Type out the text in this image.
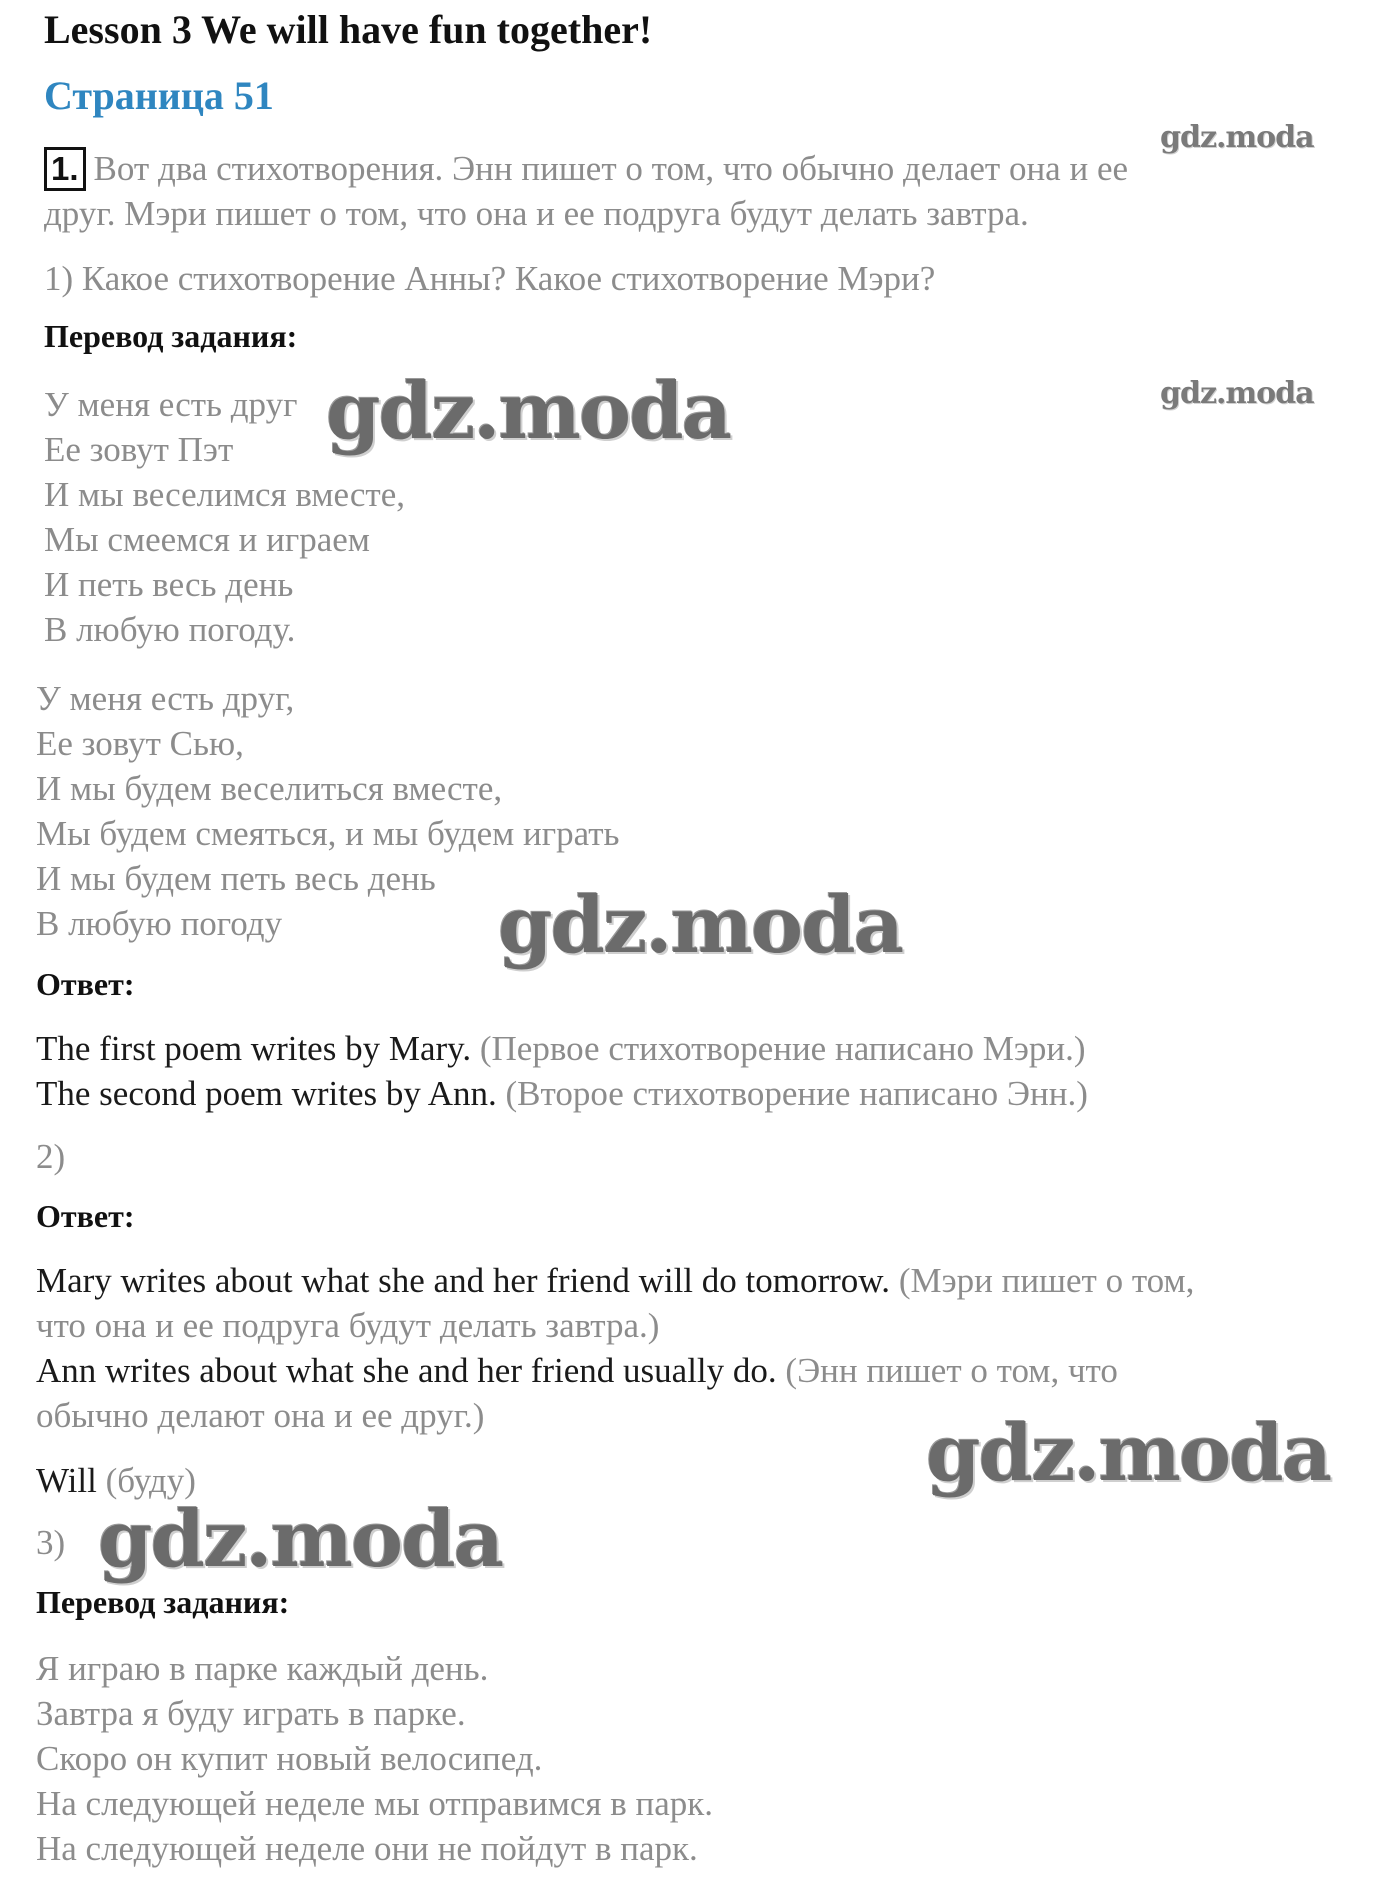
Lesson 3 We will have fun together!
Страница 51
1. Вот два стихотворения. Энн пишет о том, что обычно делает она и ее
друг. Мэри пишет о том, что она и ее подруга будут делать завтра.
1) Какое стихотворение Анны? Какое стихотворение Мэри?
Перевод задания:
У меня есть друг
Ее зовут Пэт
И мы веселимся вместе,
Мы смеемся и играем
И петь весь день
В любую погоду.
У меня есть друг,
Ее зовут Сью,
И мы будем веселиться вместе,
Мы будем смеяться, и мы будем играть
И мы будем петь весь день
В любую погоду
Ответ:
The first poem writes by Mary. (Первое стихотворение написано Мэри.)
The second poem writes by Ann. (Второе стихотворение написано Энн.)
2)
Ответ:
Mary writes about what she and her friend will do tomorrow. (Мэри пишет о том,
что она и ее подруга будут делать завтра.)
Ann writes about what she and her friend usually do. (Энн пишет о том, что
обычно делают она и ее друг.)
Will (буду)
3)
Перевод задания:
Я играю в парке каждый день.
Завтра я буду играть в парке.
Скоро он купит новый велосипед.
На следующей неделе мы отправимся в парк.
На следующей неделе они не пойдут в парк.
gdz.moda
gdz.moda
gdz.moda
gdz.moda
gdz.moda
gdz.moda
